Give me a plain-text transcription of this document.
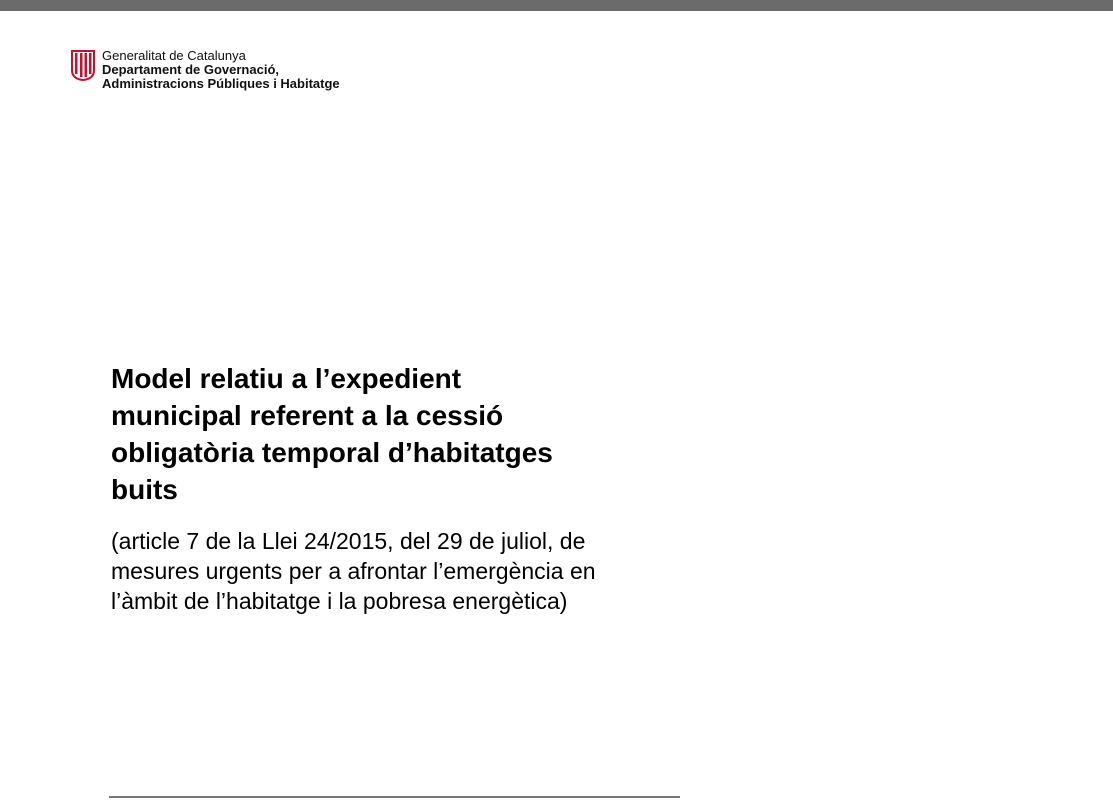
Generalitat de Catalunya
Departament de Governació,
Administracions Públiques i Habitatge
Model relatiu a l’expedient
municipal referent a la cessió
obligatòria temporal d’habitatges
buits

(article 7 de la Llei 24/2015, del 29 de juliol, de
mesures urgents per a afrontar l’emergència en
l’àmbit de l’habitatge i la pobresa energètica)
